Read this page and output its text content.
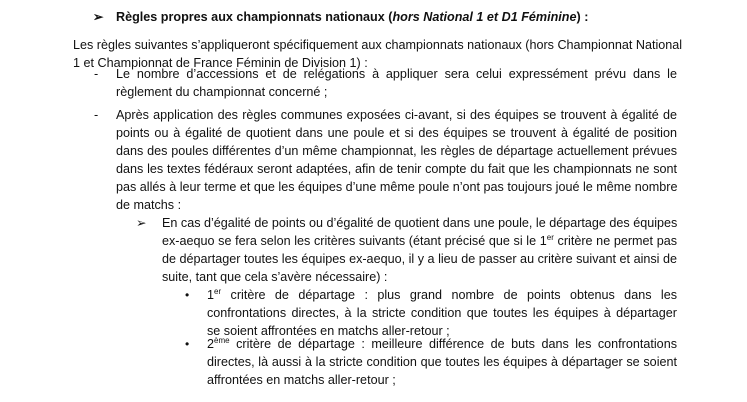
➢ Règles propres aux championnats nationaux (hors National 1 et D1 Féminine) :
Les règles suivantes s’appliqueront spécifiquement aux championnats nationaux (hors Championnat National
1 et Championnat de France Féminin de Division 1) :
- Le nombre d’accessions et de relégations à appliquer sera celui expressément prévu dans le
règlement du championnat concerné ;
- Après application des règles communes exposées ci-avant, si des équipes se trouvent à égalité de
points ou à égalité de quotient dans une poule et si des équipes se trouvent à égalité de position
dans des poules différentes d’un même championnat, les règles de départage actuellement prévues
dans les textes fédéraux seront adaptées, afin de tenir compte du fait que les championnats ne sont
pas allés à leur terme et que les équipes d’une même poule n’ont pas toujours joué le même nombre
de matchs :
➢ En cas d’égalité de points ou d’égalité de quotient dans une poule, le départage des équipes
ex-aequo se fera selon les critères suivants (étant précisé que si le 1er critère ne permet pas
de départager toutes les équipes ex-aequo, il y a lieu de passer au critère suivant et ainsi de
suite, tant que cela s’avère nécessaire) :
• 1er critère de départage : plus grand nombre de points obtenus dans les
confrontations directes, à la stricte condition que toutes les équipes à départager
se soient affrontées en matchs aller-retour ;
• 2ème critère de départage : meilleure différence de buts dans les confrontations
directes, là aussi à la stricte condition que toutes les équipes à départager se soient
affrontées en matchs aller-retour ;
